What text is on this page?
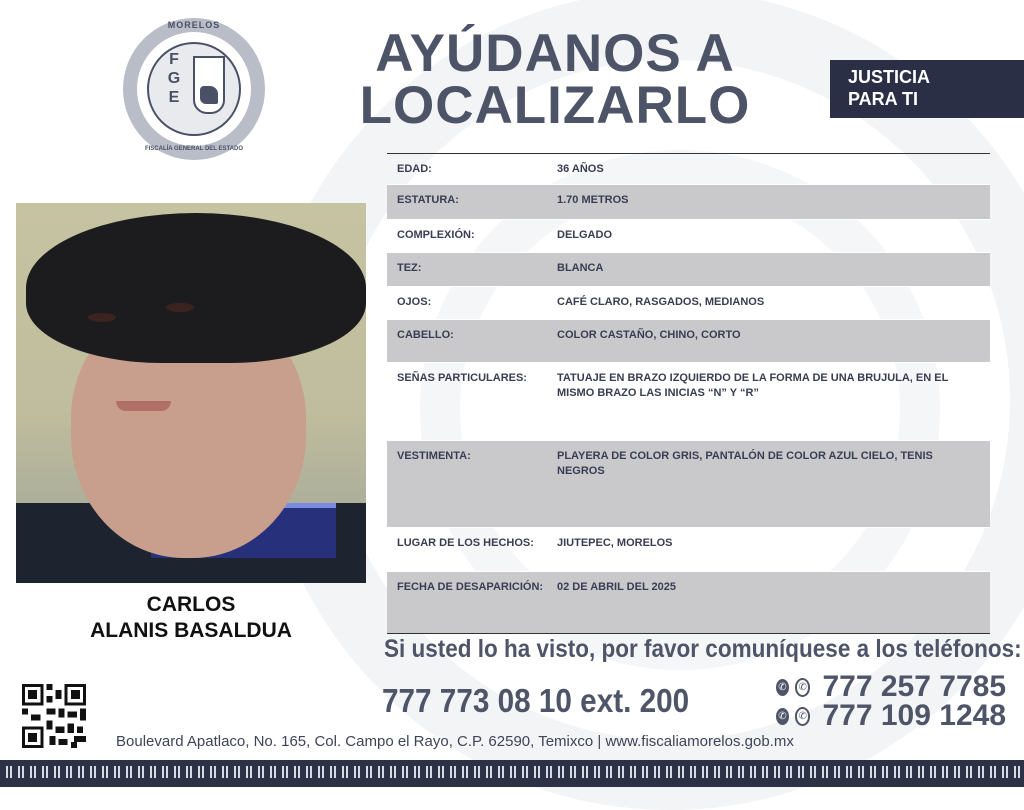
MORELOS
F
G
E
FISCALÍA GENERAL DEL ESTADO
AYÚDANOS A
LOCALIZARLO	JUSTICIA
PARA TI
CARLOS
ALANIS BASALDUA
EDAD:	36 AÑOS
ESTATURA:	1.70 METROS
COMPLEXIÓN:	DELGADO
TEZ:	BLANCA
OJOS:	CAFÉ CLARO, RASGADOS, MEDIANOS
CABELLO:	COLOR CASTAÑO, CHINO, CORTO
SEÑAS PARTICULARES:	TATUAJE EN BRAZO IZQUIERDO DE LA FORMA DE UNA BRUJULA, EN EL MISMO BRAZO LAS INICIAS “N” Y “R”
VESTIMENTA:	PLAYERA DE COLOR GRIS, PANTALÓN DE COLOR AZUL CIELO, TENIS NEGROS
LUGAR DE LOS HECHOS:	JIUTEPEC, MORELOS
FECHA DE DESAPARICIÓN:	02 DE ABRIL DEL 2025
Si usted lo ha visto, por favor comuníquese a los teléfonos:
777 773 08 10 ext. 200	✆	✆ 777 257 7785
✆	✆ 777 109 1248
Boulevard Apatlaco, No. 165, Col. Campo el Rayo, C.P. 62590, Temixco | www.fiscaliamorelos.gob.mx
